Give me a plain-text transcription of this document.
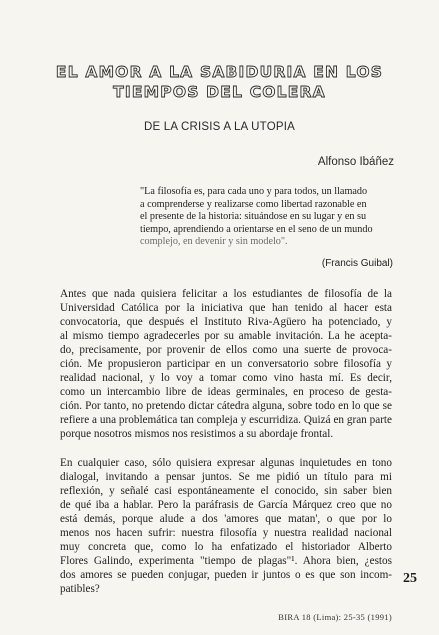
EL AMOR A LA SABIDURIA EN LOS
TIEMPOS DEL COLERA
DE LA CRISIS A LA UTOPIA
Alfonso Ibáñez
"La filosofía es, para cada uno y para todos, un llamado
a comprenderse y realizarse como libertad razonable en
el presente de la historia: situándose en su lugar y en su
tiempo, aprendiendo a orientarse en el seno de un mundo
complejo, en devenir y sin modelo".
(Francis Guibal)
Antes que nada quisiera felicitar a los estudiantes de filosofía de la
Universidad Católica por la iniciativa que han tenido al hacer esta
convocatoria, que después el Instituto Riva-Agüero ha potenciado, y
al mismo tiempo agradecerles por su amable invitación. La he acepta-
do, precisamente, por provenir de ellos como una suerte de provoca-
ción. Me propusieron participar en un conversatorio sobre filosofía y
realidad nacional, y lo voy a tomar como vino hasta mí. Es decir,
como un intercambio libre de ideas germinales, en proceso de gesta-
ción. Por tanto, no pretendo dictar cátedra alguna, sobre todo en lo que se
refiere a una problemática tan compleja y escurridiza. Quizá en gran parte
porque nosotros mismos nos resistimos a su abordaje frontal.
En cualquier caso, sólo quisiera expresar algunas inquietudes en tono
dialogal, invitando a pensar juntos. Se me pidió un título para mi
reflexión, y señalé casi espontáneamente el conocido, sin saber bien
de qué iba a hablar. Pero la paráfrasis de García Márquez creo que no
está demás, porque alude a dos 'amores que matan', o que por lo
menos nos hacen sufrir: nuestra filosofía y nuestra realidad nacional
muy concreta que, como lo ha enfatizado el historiador Alberto
Flores Galindo, experimenta "tiempo de plagas"¹. Ahora bien, ¿estos
dos amores se pueden conjugar, pueden ir juntos o es que son incom-
patibles?
25
BIRA 18 (Lima): 25-35 (1991)
